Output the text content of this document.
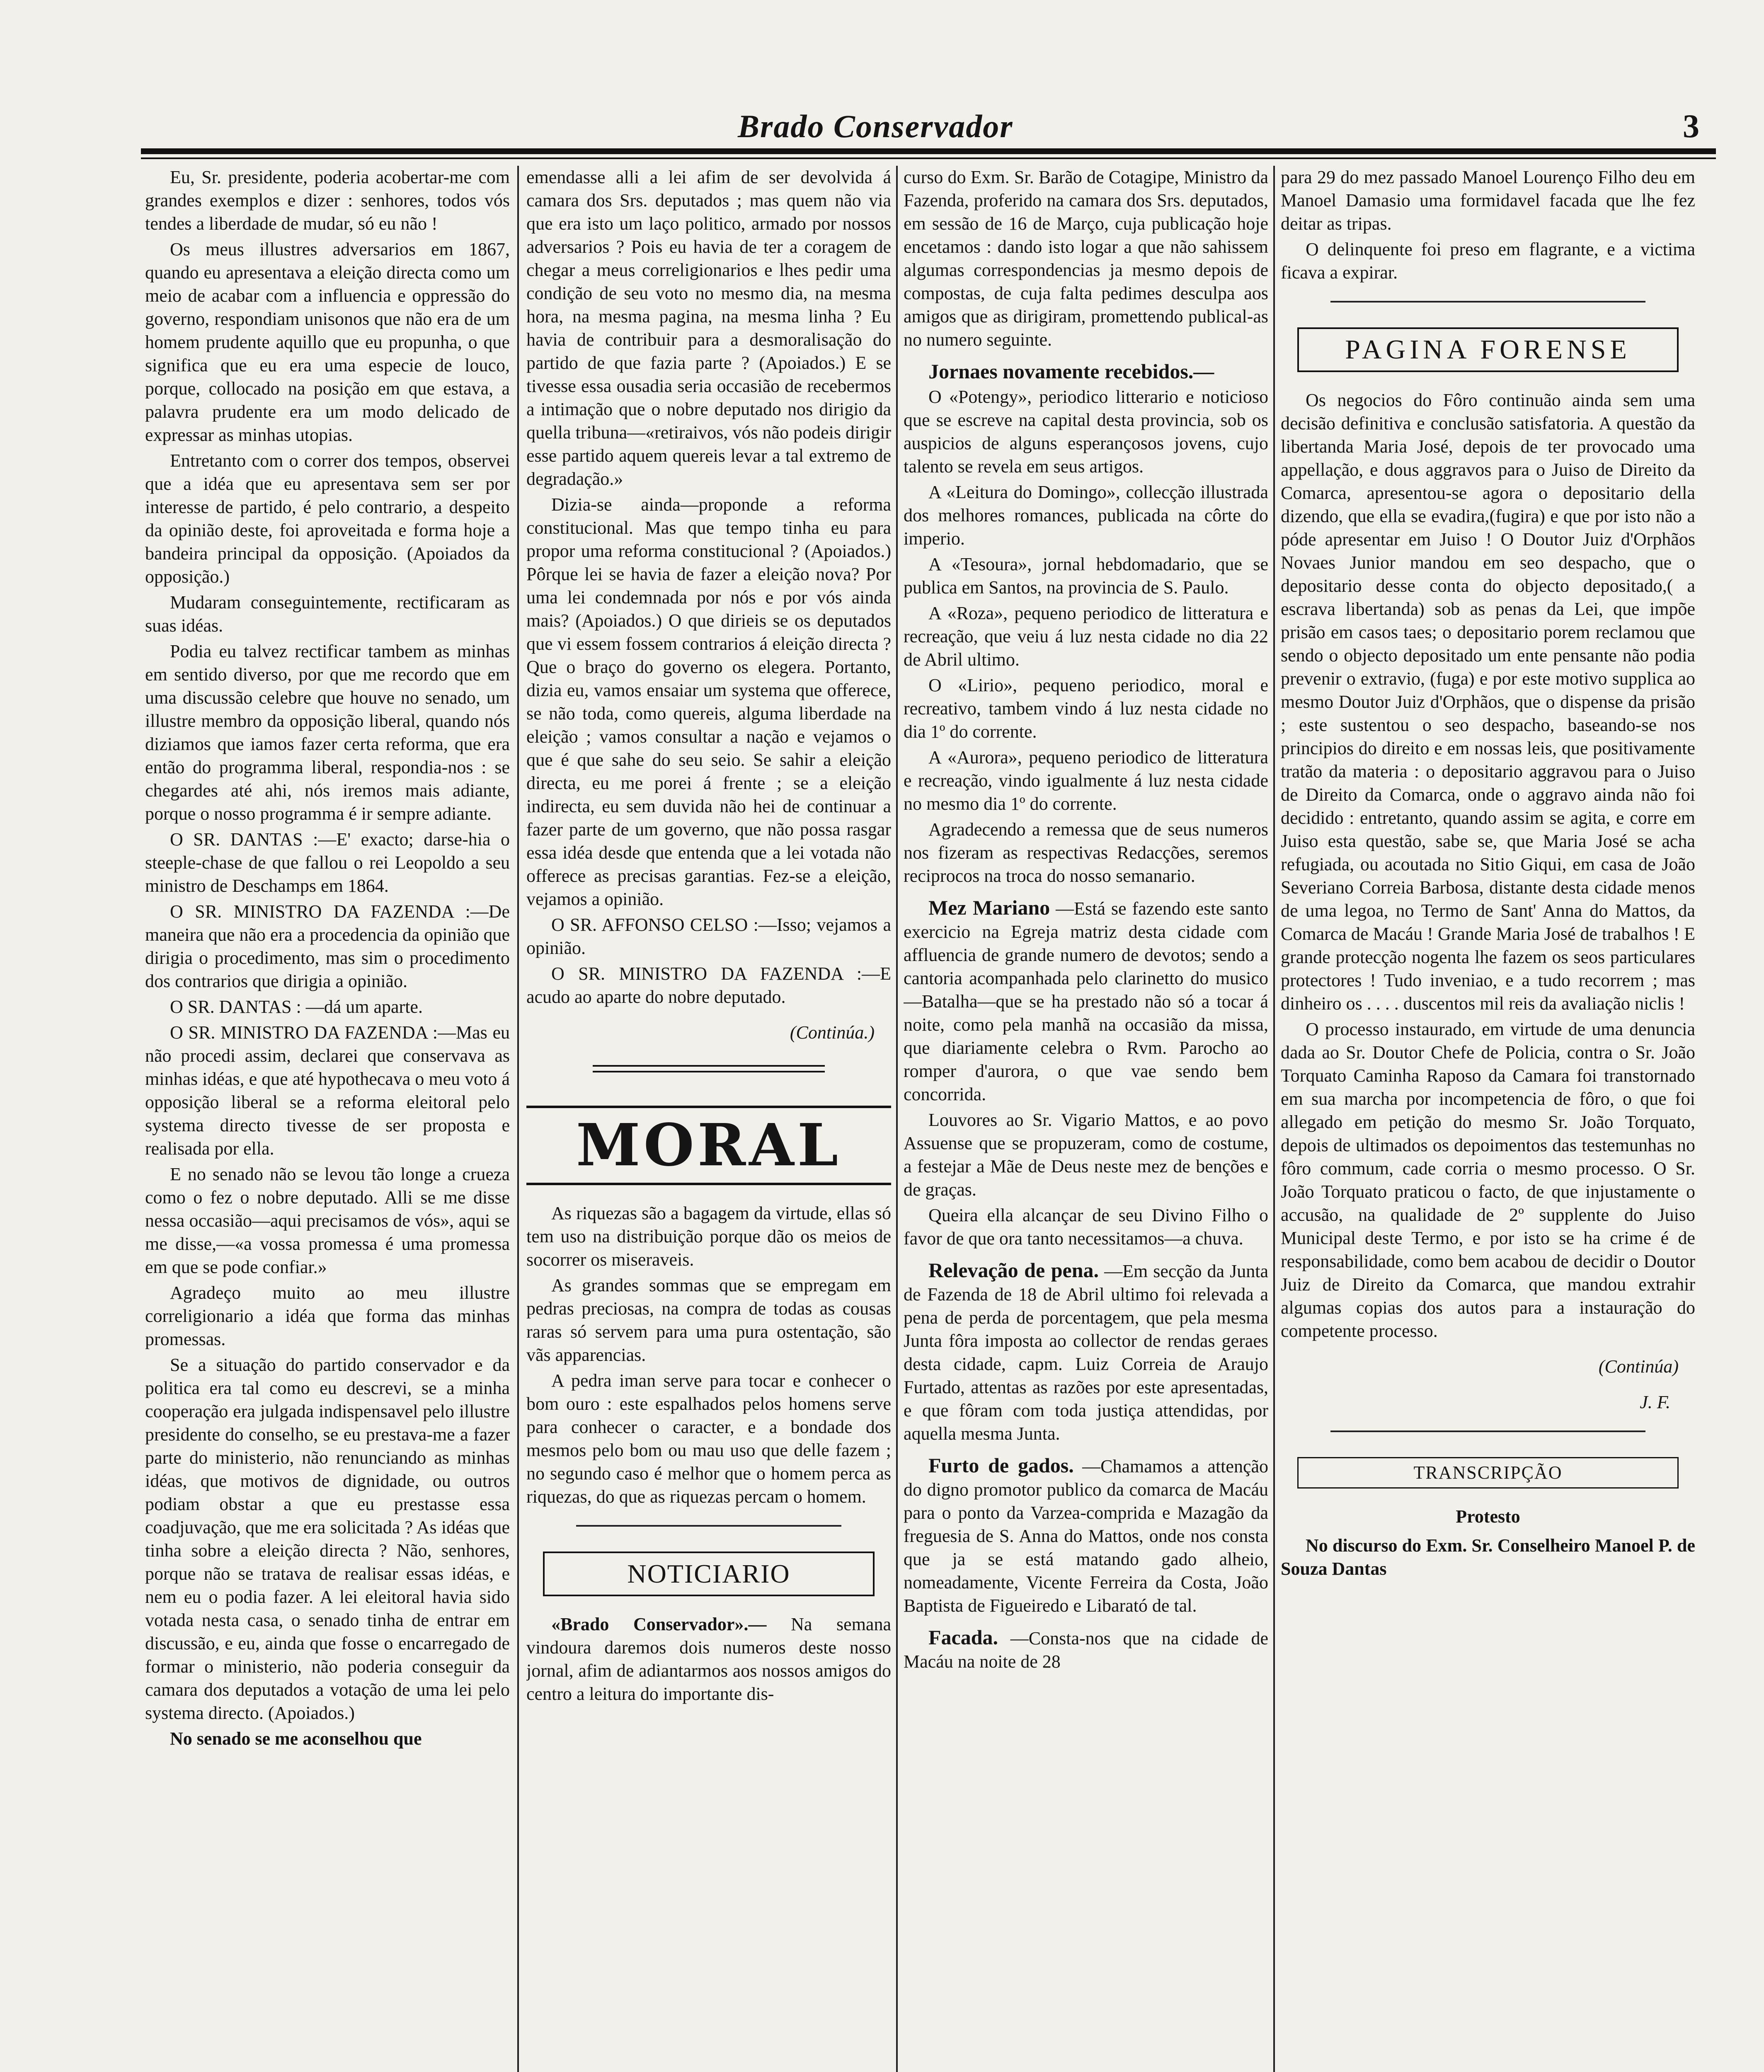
Brado Conservador	3

Eu, Sr. presidente, poderia acobertar-me com grandes exemplos e dizer : senhores, todos vós tendes a liberdade de mudar, só eu não !

Os meus illustres adversarios em 1867, quando eu apresentava a eleição directa como um meio de acabar com a influencia e oppressão do governo, respondiam unisonos que não era de um homem prudente aquillo que eu propunha, o que significa que eu era uma especie de louco, porque, collocado na posição em que estava, a palavra prudente era um modo delicado de expressar as minhas utopias.

Entretanto com o correr dos tempos, observei que a idéa que eu apresentava sem ser por interesse de partido, é pelo contrario, a despeito da opinião deste, foi aproveitada e forma hoje a bandeira principal da opposição. (Apoiados da opposição.)

Mudaram conseguintemente, rectificaram as suas idéas.

Podia eu talvez rectificar tambem as minhas em sentido diverso, por que me recordo que em uma discussão celebre que houve no senado, um illustre membro da opposição liberal, quando nós diziamos que iamos fazer certa reforma, que era então do programma liberal, respondia-nos : se chegardes até ahi, nós iremos mais adiante, porque o nosso programma é ir sempre adiante.

O SR. DANTAS :—E' exacto; darse-hia o steeple-chase de que fallou o rei Leopoldo a seu ministro de Deschamps em 1864.

O SR. MINISTRO DA FAZENDA :—De maneira que não era a procedencia da opinião que dirigia o procedimento, mas sim o procedimento dos contrarios que dirigia a opinião.

O SR. DANTAS : —dá um aparte.

O SR. MINISTRO DA FAZENDA :—Mas eu não procedi assim, declarei que conservava as minhas idéas, e que até hypothecava o meu voto á opposição liberal se a reforma eleitoral pelo systema directo tivesse de ser proposta e realisada por ella.

E no senado não se levou tão longe a crueza como o fez o nobre deputado. Alli se me disse nessa occasião—aqui precisamos de vós», aqui se me disse,—«a vossa promessa é uma promessa em que se pode confiar.»

Agradeço muito ao meu illustre correligionario a idéa que forma das minhas promessas.

Se a situação do partido conservador e da politica era tal como eu descrevi, se a minha cooperação era julgada indispensavel pelo illustre presidente do conselho, se eu prestava-me a fazer parte do ministerio, não renunciando as minhas idéas, que motivos de dignidade, ou outros podiam obstar a que eu prestasse essa coadjuvação, que me era solicitada ? As idéas que tinha sobre a eleição directa ? Não, senhores, porque não se tratava de realisar essas idéas, e nem eu o podia fazer. A lei eleitoral havia sido votada nesta casa, o senado tinha de entrar em discussão, e eu, ainda que fosse o encarregado de formar o ministerio, não poderia conseguir da camara dos deputados a votação de uma lei pelo systema directo. (Apoiados.)

No senado se me aconselhou que

emendasse alli a lei afim de ser devolvida á camara dos Srs. deputados ; mas quem não via que era isto um laço politico, armado por nossos adversarios ? Pois eu havia de ter a coragem de chegar a meus correligionarios e lhes pedir uma condição de seu voto no mesmo dia, na mesma hora, na mesma pagina, na mesma linha ? Eu havia de contribuir para a desmoralisação do partido de que fazia parte ? (Apoiados.) E se tivesse essa ousadia seria occasião de recebermos a intimação que o nobre deputado nos dirigio da quella tribuna—«retiraivos, vós não podeis dirigir esse partido aquem quereis levar a tal extremo de degradação.»

Dizia-se ainda—proponde a reforma constitucional. Mas que tempo tinha eu para propor uma reforma constitucional ? (Apoiados.) Pôrque lei se havia de fazer a eleição nova? Por uma lei condemnada por nós e por vós ainda mais? (Apoiados.) O que dirieis se os deputados que vi essem fossem contrarios á eleição directa ? Que o braço do governo os elegera. Portanto, dizia eu, vamos ensaiar um systema que offerece, se não toda, como quereis, alguma liberdade na eleição ; vamos consultar a nação e vejamos o que é que sahe do seu seio. Se sahir a eleição directa, eu me porei á frente ; se a eleição indirecta, eu sem duvida não hei de continuar a fazer parte de um governo, que não possa rasgar essa idéa desde que entenda que a lei votada não offerece as precisas garantias. Fez-se a eleição, vejamos a opinião.

O SR. AFFONSO CELSO :—Isso; vejamos a opinião.

O SR. MINISTRO DA FAZENDA :—E acudo ao aparte do nobre deputado.

(Continúa.)
MORAL

As riquezas são a bagagem da virtude, ellas só tem uso na distribuição porque dão os meios de socorrer os miseraveis.

As grandes sommas que se empregam em pedras preciosas, na compra de todas as cousas raras só servem para uma pura ostentação, são vãs apparencias.

A pedra iman serve para tocar e conhecer o bom ouro : este espalhados pelos homens serve para conhecer o caracter, e a bondade dos mesmos pelo bom ou mau uso que delle fazem ; no segundo caso é melhor que o homem perca as riquezas, do que as riquezas percam o homem.

NOTICIARIO

«Brado Conservador».— Na semana vindoura daremos dois numeros deste nosso jornal, afim de adiantarmos aos nossos amigos do centro a leitura do importante dis-

curso do Exm. Sr. Barão de Cotagipe, Ministro da Fazenda, proferido na camara dos Srs. deputados, em sessão de 16 de Março, cuja publicação hoje encetamos : dando isto logar a que não sahissem algumas correspondencias ja mesmo depois de compostas, de cuja falta pedimes desculpa aos amigos que as dirigiram, promettendo publical-as no numero seguinte.

Jornaes novamente recebidos.—

O «Potengy», periodico litterario e noticioso que se escreve na capital desta provincia, sob os auspicios de alguns esperançosos jovens, cujo talento se revela em seus artigos.

A «Leitura do Domingo», collecção illustrada dos melhores romances, publicada na côrte do imperio.

A «Tesoura», jornal hebdomadario, que se publica em Santos, na provincia de S. Paulo.

A «Roza», pequeno periodico de litteratura e recreação, que veiu á luz nesta cidade no dia 22 de Abril ultimo.

O «Lirio», pequeno periodico, moral e recreativo, tambem vindo á luz nesta cidade no dia 1º do corrente.

A «Aurora», pequeno periodico de litteratura e recreação, vindo igualmente á luz nesta cidade no mesmo dia 1º do corrente.

Agradecendo a remessa que de seus numeros nos fizeram as respectivas Redacções, seremos reciprocos na troca do nosso semanario.

Mez Mariano —Está se fazendo este santo exercicio na Egreja matriz desta cidade com affluencia de grande numero de devotos; sendo a cantoria acompanhada pelo clarinetto do musico—Batalha—que se ha prestado não só a tocar á noite, como pela manhã na occasião da missa, que diariamente celebra o Rvm. Parocho ao romper d'aurora, o que vae sendo bem concorrida.

Louvores ao Sr. Vigario Mattos, e ao povo Assuense que se propuzeram, como de costume, a festejar a Mãe de Deus neste mez de benções e de graças.

Queira ella alcançar de seu Divino Filho o favor de que ora tanto necessitamos—a chuva.

Relevação de pena. —Em secção da Junta de Fazenda de 18 de Abril ultimo foi relevada a pena de perda de porcentagem, que pela mesma Junta fôra imposta ao collector de rendas geraes desta cidade, capm. Luiz Correia de Araujo Furtado, attentas as razões por este apresentadas, e que fôram com toda justiça attendidas, por aquella mesma Junta.

Furto de gados. —Chamamos a attenção do digno promotor publico da comarca de Macáu para o ponto da Varzea-comprida e Mazagão da freguesia de S. Anna do Mattos, onde nos consta que ja se está matando gado alheio, nomeadamente, Vicente Ferreira da Costa, João Baptista de Figueiredo e Libarató de tal.

Facada. —Consta-nos que na cidade de Macáu na noite de 28

para 29 do mez passado Manoel Lourenço Filho deu em Manoel Damasio uma formidavel facada que lhe fez deitar as tripas.

O delinquente foi preso em flagrante, e a victima ficava a expirar.

PAGINA FORENSE

Os negocios do Fôro continuão ainda sem uma decisão definitiva e conclusão satisfatoria. A questão da libertanda Maria José, depois de ter provocado uma appellação, e dous aggravos para o Juiso de Direito da Comarca, apresentou-se agora o depositario della dizendo, que ella se evadira,(fugira) e que por isto não a póde apresentar em Juiso ! O Doutor Juiz d'Orphãos Novaes Junior mandou em seo despacho, que o depositario desse conta do objecto depositado,( a escrava libertanda) sob as penas da Lei, que impõe prisão em casos taes; o depositario porem reclamou que sendo o objecto depositado um ente pensante não podia prevenir o extravio, (fuga) e por este motivo supplica ao mesmo Doutor Juiz d'Orphãos, que o dispense da prisão ; este sustentou o seo despacho, baseando-se nos principios do direito e em nossas leis, que positivamente tratão da materia : o depositario aggravou para o Juiso de Direito da Comarca, onde o aggravo ainda não foi decidido : entretanto, quando assim se agita, e corre em Juiso esta questão, sabe se, que Maria José se acha refugiada, ou acoutada no Sitio Giqui, em casa de João Severiano Correia Barbosa, distante desta cidade menos de uma legoa, no Termo de Sant' Anna do Mattos, da Comarca de Macáu ! Grande Maria José de trabalhos ! E grande protecção nogenta lhe fazem os seos particulares protectores ! Tudo inveniao, e a tudo recorrem ; mas dinheiro os . . . . duscentos mil reis da avaliação niclis !

O processo instaurado, em virtude de uma denuncia dada ao Sr. Doutor Chefe de Policia, contra o Sr. João Torquato Caminha Raposo da Camara foi transtornado em sua marcha por incompetencia de fôro, o que foi allegado em petição do mesmo Sr. João Torquato, depois de ultimados os depoimentos das testemunhas no fôro commum, cade corria o mesmo processo. O Sr. João Torquato praticou o facto, de que injustamente o accusão, na qualidade de 2º supplente do Juiso Municipal deste Termo, e por isto se ha crime é de responsabilidade, como bem acabou de decidir o Doutor Juiz de Direito da Comarca, que mandou extrahir algumas copias dos autos para a instauração do competente processo.

(Continúa)
J. F.
TRANSCRIPÇÃO
Protesto

No discurso do Exm. Sr. Conselheiro Manoel P. de Souza Dantas
